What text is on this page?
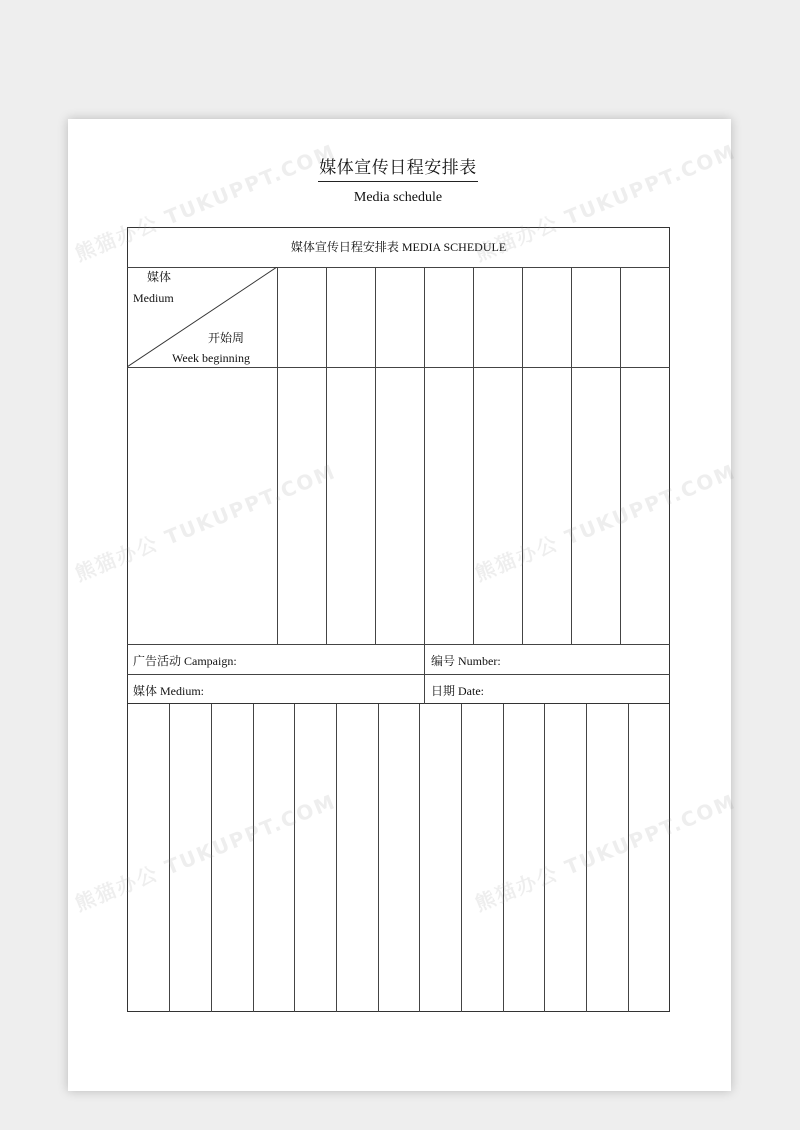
媒体宣传日程安排表
Media schedule
媒体宣传日程安排表 MEDIA SCHEDULE
媒体
Medium
开始周
Week beginning
广告活动 Campaign:	编号 Number:
媒体 Medium:	日期 Date:
